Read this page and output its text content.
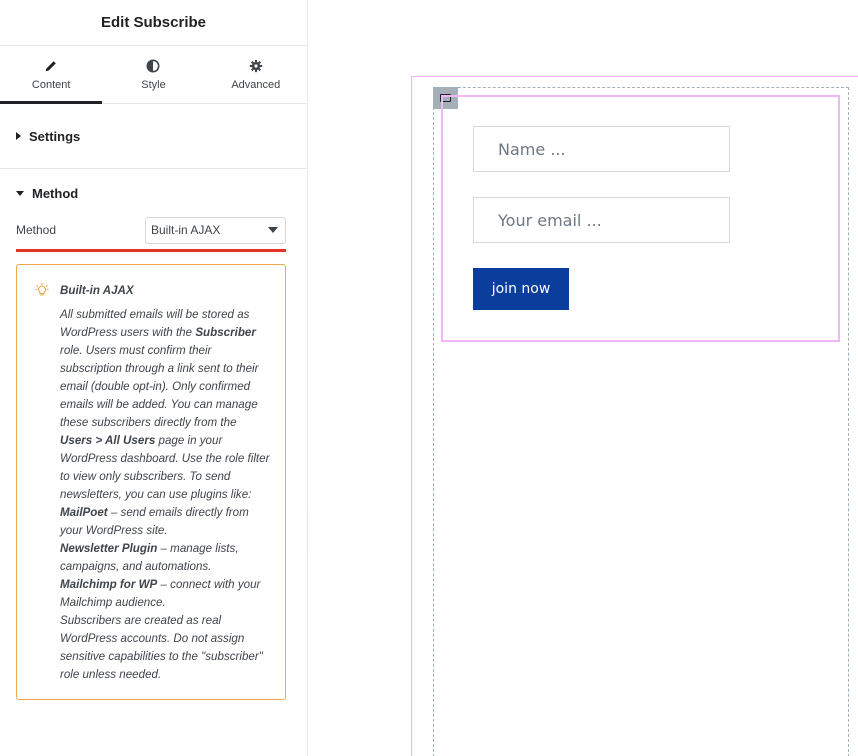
Edit Subscribe
Content	Style	Advanced
Settings
Method
Method	Built-in AJAX
Built-in AJAX
All submitted emails will be stored as WordPress users with the Subscriber role. Users must confirm their subscription through a link sent to their email (double opt-in). Only confirmed emails will be added. You can manage these subscribers directly from the Users > All Users page in your WordPress dashboard. Use the role filter to view only subscribers. To send newsletters, you can use plugins like:
MailPoet – send emails directly from your WordPress site.
Newsletter Plugin – manage lists, campaigns, and automations.
Mailchimp for WP – connect with your Mailchimp audience.
Subscribers are created as real WordPress accounts. Do not assign sensitive capabilities to the "subscriber" role unless needed.
Name ...
Your email ...
join now
